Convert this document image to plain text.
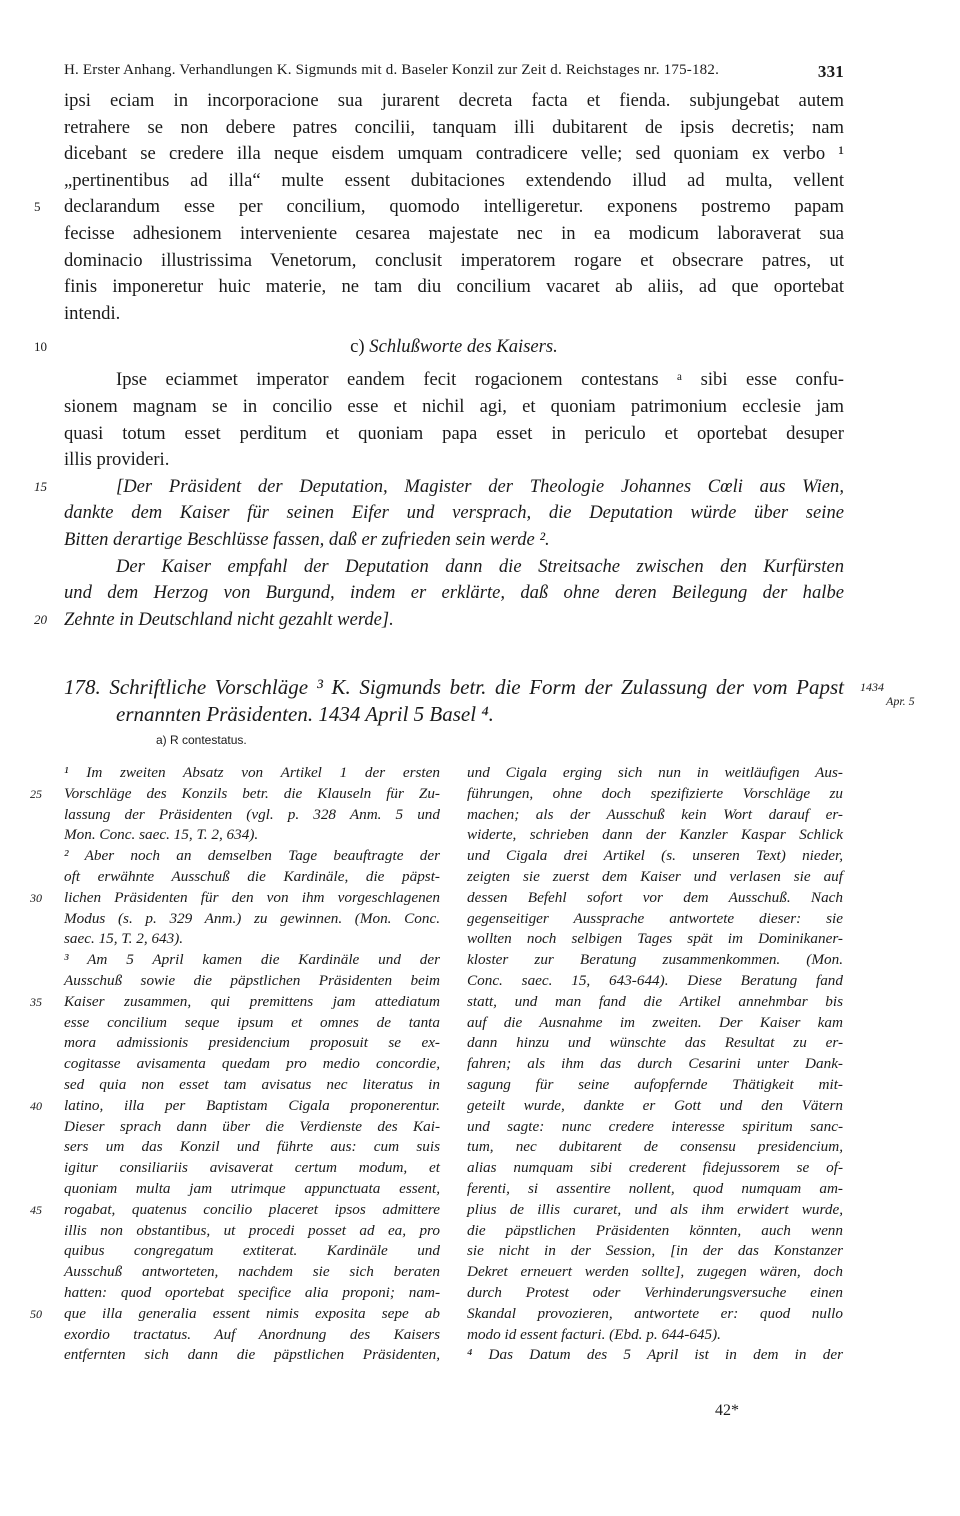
H. Erster Anhang. Verhandlungen K. Sigmunds mit d. Baseler Konzil zur Zeit d. Reichstages nr. 175-182.	331
ipsi eciam in incorporacione sua jurarent decreta facta et fienda. subjungebat autem
retrahere se non debere patres concilii, tanquam illi dubitarent de ipsis decretis; nam
dicebant se credere illa neque eisdem umquam contradicere velle; sed quoniam ex verbo ¹
„pertinentibus ad illa“ multe essent dubitaciones extendendo illud ad multa, vellent
5	declarandum esse per concilium, quomodo intelligeretur. exponens postremo papam
fecisse adhesionem interveniente cesarea majestate nec in ea modicum laboraverat sua
dominacio illustrissima Venetorum, conclusit imperatorem rogare et obsecrare patres, ut
finis imponeretur huic materie, ne tam diu concilium vacaret ab aliis, ad que oportebat
intendi.
10	c) Schlußworte des Kaisers.
Ipse eciammet imperator eandem fecit rogacionem contestans ᵃ sibi esse confu-
sionem magnam se in concilio esse et nichil agi, et quoniam patrimonium ecclesie jam
quasi totum esset perditum et quoniam papa esset in periculo et oportebat desuper
illis provideri.
15	[Der Präsident der Deputation, Magister der Theologie Johannes Cœli aus Wien,
dankte dem Kaiser für seinen Eifer und versprach, die Deputation würde über seine
Bitten derartige Beschlüsse fassen, daß er zufrieden sein werde ².
Der Kaiser empfahl der Deputation dann die Streitsache zwischen den Kurfürsten
und dem Herzog von Burgund, indem er erklärte, daß ohne deren Beilegung der halbe
20 Zehnte in Deutschland nicht gezahlt werde].
178. Schriftliche Vorschläge ³ K. Sigmunds betr. die Form der Zulassung der vom Papst
ernannten Präsidenten. 1434 April 5 Basel ⁴.
1434
Apr. 5
a) R contestatus.
¹ Im zweiten Absatz von Artikel 1 der ersten
25	Vorschläge des Konzils betr. die Klauseln für Zu-
lassung der Präsidenten (vgl. p. 328 Anm. 5 und
Mon. Conc. saec. 15, T. 2, 634).
² Aber noch an demselben Tage beauftragte der
oft erwähnte Ausschuß die Kardinäle, die päpst-
30	lichen Präsidenten für den von ihm vorgeschlagenen
Modus (s. p. 329 Anm.) zu gewinnen. (Mon. Conc.
saec. 15, T. 2, 643).
³ Am 5 April kamen die Kardinäle und der
Ausschuß sowie die päpstlichen Präsidenten beim
35	Kaiser zusammen, qui premittens jam attediatum
esse concilium seque ipsum et omnes de tanta
mora admissionis presidencium proposuit se ex-
cogitasse avisamenta quedam pro medio concordie,
sed quia non esset tam avisatus nec literatus in
40	latino, illa per Baptistam Cigala proponerentur.
Dieser sprach dann über die Verdienste des Kai-
sers um das Konzil und führte aus: cum suis
igitur consiliariis avisaverat certum modum, et
quoniam multa jam utrimque appunctuata essent,
45	rogabat, quatenus concilio placeret ipsos admittere
illis non obstantibus, ut procedi posset ad ea, pro
quibus congregatum extiterat. Kardinäle und
Ausschuß antworteten, nachdem sie sich beraten
hatten: quod oportebat specifice alia proponi; nam-
50	que illa generalia essent nimis exposita sepe ab
exordio tractatus. Auf Anordnung des Kaisers
entfernten sich dann die päpstlichen Präsidenten,
und Cigala erging sich nun in weitläufigen Aus-
führungen, ohne doch spezifizierte Vorschläge zu
machen; als der Ausschuß kein Wort darauf er-
widerte, schrieben dann der Kanzler Kaspar Schlick
und Cigala drei Artikel (s. unseren Text) nieder,
zeigten sie zuerst dem Kaiser und verlasen sie auf
dessen Befehl sofort vor dem Ausschuß. Nach
gegenseitiger Aussprache antwortete dieser: sie
wollten noch selbigen Tages spät im Dominikaner-
kloster zur Beratung zusammenkommen. (Mon.
Conc. saec. 15, 643-644). Diese Beratung fand
statt, und man fand die Artikel annehmbar bis
auf die Ausnahme im zweiten. Der Kaiser kam
dann hinzu und wünschte das Resultat zu er-
fahren; als ihm das durch Cesarini unter Dank-
sagung für seine aufopfernde Thätigkeit mit-
geteilt wurde, dankte er Gott und den Vätern
und sagte: nunc credere interesse spiritum sanc-
tum, nec dubitarent de consensu presidencium,
alias numquam sibi crederent fidejussorem se of-
ferenti, si assentire nollent, quod numquam am-
plius de illis curaret, und als ihm erwidert wurde,
die päpstlichen Präsidenten könnten, auch wenn
sie nicht in der Session, [in der das Konstanzer
Dekret erneuert werden sollte], zugegen wären, doch
durch Protest oder Verhinderungsversuche einen
Skandal provozieren, antwortete er: quod nullo
modo id essent facturi. (Ebd. p. 644-645).
⁴ Das Datum des 5 April ist in dem in der
42*
